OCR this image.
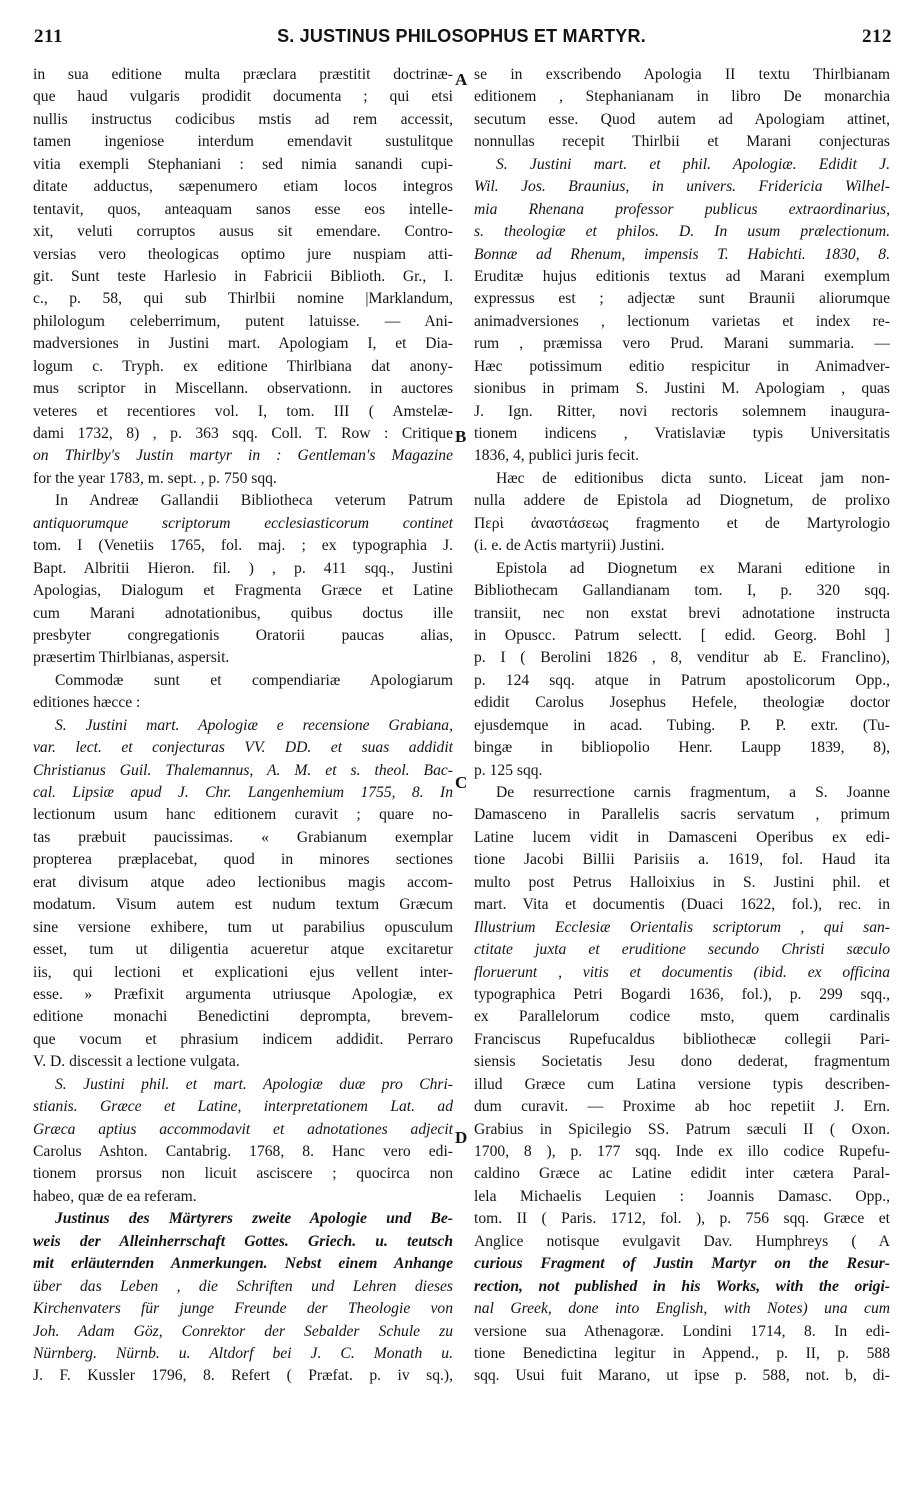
211	S. JUSTINUS PHILOSOPHUS ET MARTYR.	212
A
B
C
D
in sua editione multa præclara præstitit doctrinæ-
que haud vulgaris prodidit documenta ; qui etsi
nullis instructus codicibus mstis ad rem accessit,
tamen ingeniose interdum emendavit sustulitque
vitia exempli Stephaniani : sed nimia sanandi cupi-
ditate adductus, sæpenumero etiam locos integros
tentavit, quos, anteaquam sanos esse eos intelle-
xit, veluti corruptos ausus sit emendare. Contro-
versias vero theologicas optimo jure nuspiam atti-
git. Sunt teste Harlesio in Fabricii Biblioth. Gr., I.
c., p. 58, qui sub Thirlbii nomine |Marklandum,
philologum celeberrimum, putent latuisse. — Ani-
madversiones in Justini mart. Apologiam I, et Dia-
logum c. Tryph. ex editione Thirlbiana dat anony-
mus scriptor in Miscellann. observationn. in auctores
veteres et recentiores vol. I, tom. III ( Amstelæ-
dami 1732, 8) , p. 363 sqq. Coll. T. Row : Critique
on Thirlby's Justin martyr in : Gentleman's Magazine
for the year 1783, m. sept. , p. 750 sqq.
In Andreæ Gallandii Bibliotheca veterum Patrum
antiquorumque scriptorum ecclesiasticorum continet
tom. I (Venetiis 1765, fol. maj. ; ex typographia J.
Bapt. Albritii Hieron. fil. ) , p. 411 sqq., Justini
Apologias, Dialogum et Fragmenta Græce et Latine
cum Marani adnotationibus, quibus doctus ille
presbyter congregationis Oratorii paucas alias,
præsertim Thirlbianas, aspersit.
Commodæ sunt et compendiariæ Apologiarum
editiones hæcce :
S. Justini mart. Apologiæ e recensione Grabiana,
var. lect. et conjecturas VV. DD. et suas addidit
Christianus Guil. Thalemannus, A. M. et s. theol. Bac-
cal. Lipsiæ apud J. Chr. Langenhemium 1755, 8. In
lectionum usum hanc editionem curavit ; quare no-
tas præbuit paucissimas. « Grabianum exemplar
propterea præplacebat, quod in minores sectiones
erat divisum atque adeo lectionibus magis accom-
modatum. Visum autem est nudum textum Græcum
sine versione exhibere, tum ut parabilius opusculum
esset, tum ut diligentia acueretur atque excitaretur
iis, qui lectioni et explicationi ejus vellent inter-
esse. » Præfixit argumenta utriusque Apologiæ, ex
editione monachi Benedictini deprompta, brevem-
que vocum et phrasium indicem addidit. Perraro
V. D. discessit a lectione vulgata.
S. Justini phil. et mart. Apologiæ duæ pro Chri-
stianis. Græce et Latine, interpretationem Lat. ad
Græca aptius accommodavit et adnotationes adjecit
Carolus Ashton. Cantabrig. 1768, 8. Hanc vero edi-
tionem prorsus non licuit asciscere ; quocirca non
habeo, quæ de ea referam.
Justinus des Märtyrers zweite Apologie und Be-
weis der Alleinherrschaft Gottes. Griech. u. teutsch
mit erläuternden Anmerkungen. Nebst einem Anhange
über das Leben , die Schriften und Lehren dieses
Kirchenvaters für junge Freunde der Theologie von
Joh. Adam Göz, Conrektor der Sebalder Schule zu
Nürnberg. Nürnb. u. Altdorf bei J. C. Monath u.
J. F. Kussler 1796, 8. Refert ( Præfat. p. iv sq.),
se in exscribendo Apologia II textu Thirlbianam
editionem , Stephanianam in libro De monarchia
secutum esse. Quod autem ad Apologiam attinet,
nonnullas recepit Thirlbii et Marani conjecturas
S. Justini mart. et phil. Apologiæ. Edidit J.
Wil. Jos. Braunius, in univers. Fridericia Wilhel-
mia Rhenana professor publicus extraordinarius,
s. theologiæ et philos. D. In usum prælectionum.
Bonnæ ad Rhenum, impensis T. Habichti. 1830, 8.
Eruditæ hujus editionis textus ad Marani exemplum
expressus est ; adjectæ sunt Braunii aliorumque
animadversiones , lectionum varietas et index re-
rum , præmissa vero Prud. Marani summaria. —
Hæc potissimum editio respicitur in Animadver-
sionibus in primam S. Justini M. Apologiam , quas
J. Ign. Ritter, novi rectoris solemnem inaugura-
tionem indicens , Vratislaviæ typis Universitatis
1836, 4, publici juris fecit.
Hæc de editionibus dicta sunto. Liceat jam non-
nulla addere de Epistola ad Diognetum, de prolixo
Περὶ ἀναστάσεως fragmento et de Martyrologio
(i. e. de Actis martyrii) Justini.
Epistola ad Diognetum ex Marani editione in
Bibliothecam Gallandianam tom. I, p. 320 sqq.
transiit, nec non exstat brevi adnotatione instructa
in Opuscc. Patrum selectt. [ edid. Georg. Bohl ]
p. I ( Berolini 1826 , 8, venditur ab E. Franclino),
p. 124 sqq. atque in Patrum apostolicorum Opp.,
edidit Carolus Josephus Hefele, theologiæ doctor
ejusdemque in acad. Tubing. P. P. extr. (Tu-
bingæ in bibliopolio Henr. Laupp 1839, 8),
p. 125 sqq.
De resurrectione carnis fragmentum, a S. Joanne
Damasceno in Parallelis sacris servatum , primum
Latine lucem vidit in Damasceni Operibus ex edi-
tione Jacobi Billii Parisiis a. 1619, fol. Haud ita
multo post Petrus Halloixius in S. Justini phil. et
mart. Vita et documentis (Duaci 1622, fol.), rec. in
Illustrium Ecclesiæ Orientalis scriptorum , qui san-
ctitate juxta et eruditione secundo Christi sæculo
floruerunt , vitis et documentis (ibid. ex officina
typographica Petri Bogardi 1636, fol.), p. 299 sqq.,
ex Parallelorum codice msto, quem cardinalis
Franciscus Rupefucaldus bibliothecæ collegii Pari-
siensis Societatis Jesu dono dederat, fragmentum
illud Græce cum Latina versione typis describen-
dum curavit. — Proxime ab hoc repetiit J. Ern.
Grabius in Spicilegio SS. Patrum sæculi II ( Oxon.
1700, 8 ), p. 177 sqq. Inde ex illo codice Rupefu-
caldino Græce ac Latine edidit inter cætera Paral-
lela Michaelis Lequien : Joannis Damasc. Opp.,
tom. II ( Paris. 1712, fol. ), p. 756 sqq. Græce et
Anglice notisque evulgavit Dav. Humphreys ( A
curious Fragment of Justin Martyr on the Resur-
rection, not published in his Works, with the origi-
nal Greek, done into English, with Notes) una cum
versione sua Athenagoræ. Londini 1714, 8. In edi-
tione Benedictina legitur in Append., p. II, p. 588
sqq. Usui fuit Marano, ut ipse p. 588, not. b, di-
